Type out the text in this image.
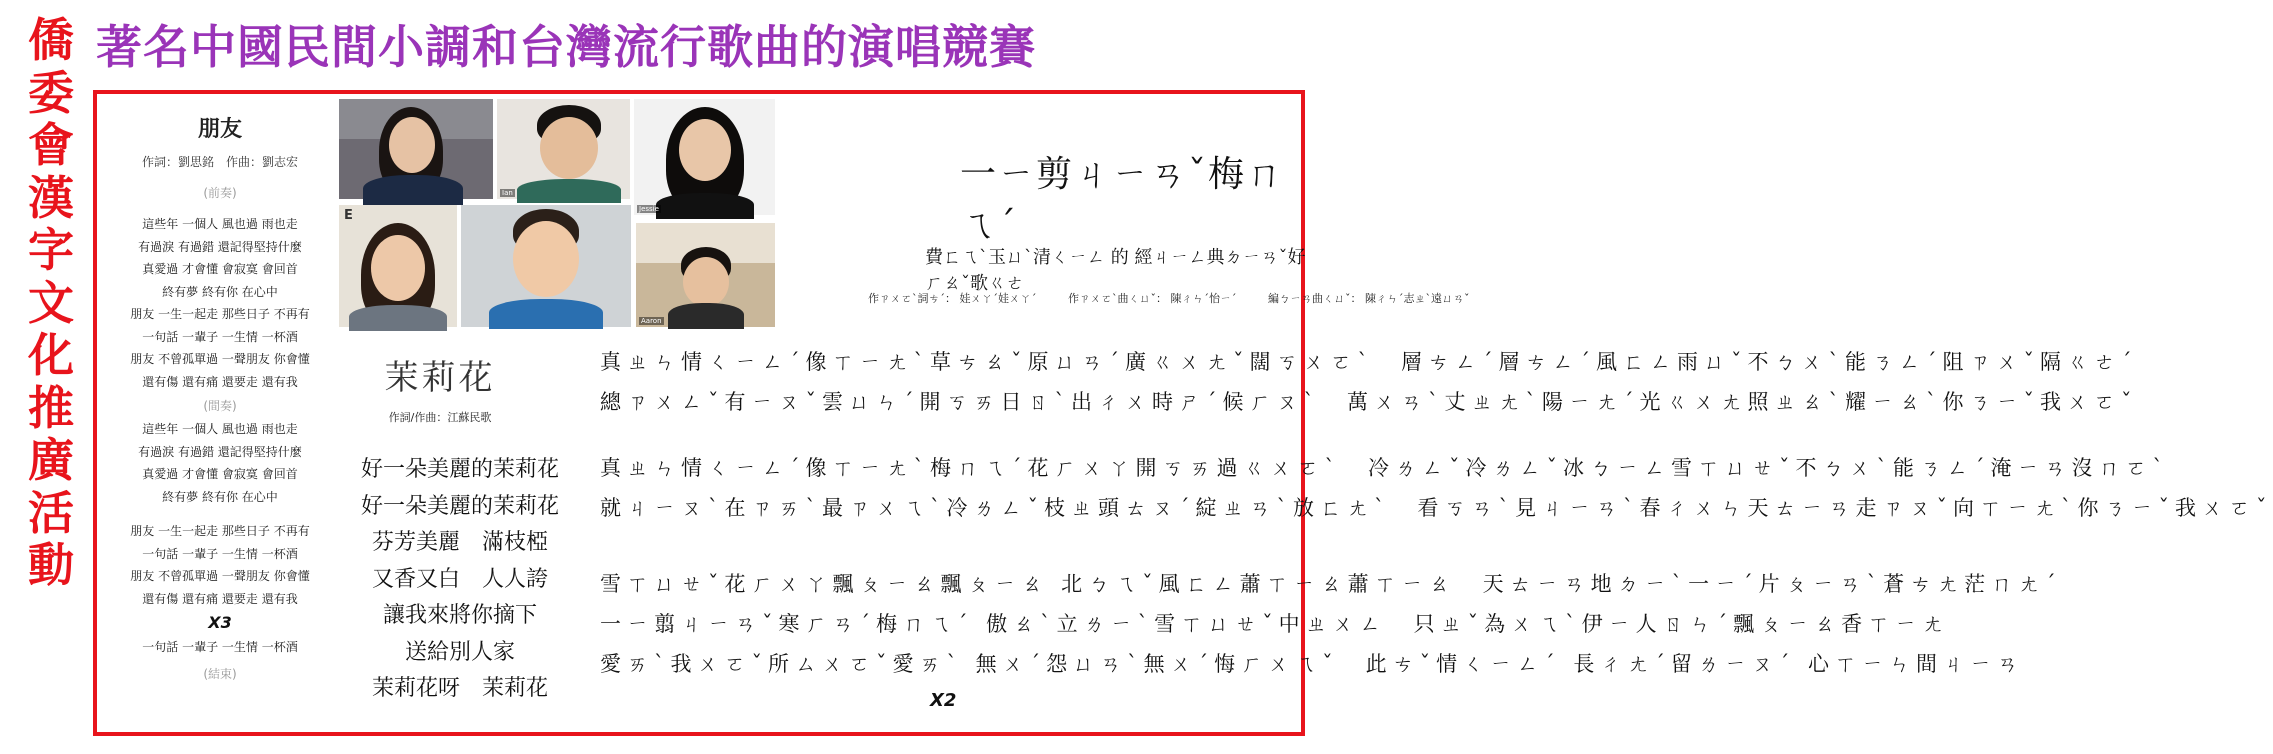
僑
委
會
漢
字
文
化
推
廣
活
動
著名中國民間小調和台灣流行歌曲的演唱競賽
朋友
作詞：劉思銘　作曲：劉志宏
(前奏)
這些年 一個人 風也過 雨也走
有過淚 有過錯 還記得堅持什麼
真愛過 才會懂 會寂寞 會回首
終有夢 終有你 在心中
朋友 一生一起走 那些日子 不再有
一句話 一輩子 一生情 一杯酒
朋友 不曾孤單過 一聲朋友 你會懂
還有傷 還有痛 還要走 還有我
(間奏)
這些年 一個人 風也過 雨也走
有過淚 有過錯 還記得堅持什麼
真愛過 才會懂 會寂寞 會回首
終有夢 終有你 在心中
朋友 一生一起走 那些日子 不再有
一句話 一輩子 一生情 一杯酒
朋友 不曾孤單過 一聲朋友 你會懂
還有傷 還有痛 還要走 還有我
X3
一句話 一輩子 一生情 一杯酒
(結束)
Ian
Jessie
E
Aaron
茉莉花
作詞/作曲：江蘇民歌
好一朵美麗的茉莉花
好一朵美麗的茉莉花
芬芳美麗　滿枝椏
又香又白　人人誇
讓我來將你摘下
送給別人家
茉莉花呀　茉莉花
一ㄧ剪ㄐㄧㄢˇ梅ㄇㄟˊ
費ㄈㄟˋ玉ㄩˋ清ㄑㄧㄥ 的 經ㄐㄧㄥ典ㄉㄧㄢˇ好ㄏㄠˇ歌ㄍㄜ
作ㄗㄨㄛˋ詞ㄘˊ： 娃ㄨㄚˊ娃ㄨㄚˊ	作ㄗㄨㄛˋ曲ㄑㄩˇ： 陳ㄔㄣˊ怡ㄧˊ	編ㄅㄧㄢ曲ㄑㄩˇ： 陳ㄔㄣˊ志ㄓˋ遠ㄩㄢˇ
真ㄓㄣ情ㄑㄧㄥˊ像ㄒㄧㄤˋ草ㄘㄠˇ原ㄩㄢˊ廣ㄍㄨㄤˇ闊ㄎㄨㄛˋ　層ㄘㄥˊ層ㄘㄥˊ風ㄈㄥ雨ㄩˇ不ㄅㄨˋ能ㄋㄥˊ阻ㄗㄨˇ隔ㄍㄜˊ
總ㄗㄨㄥˇ有ㄧㄡˇ雲ㄩㄣˊ開ㄎㄞ日ㄖˋ出ㄔㄨ時ㄕˊ候ㄏㄡˋ　萬ㄨㄢˋ丈ㄓㄤˋ陽ㄧㄤˊ光ㄍㄨㄤ照ㄓㄠˋ耀ㄧㄠˋ你ㄋㄧˇ我ㄨㄛˇ
真ㄓㄣ情ㄑㄧㄥˊ像ㄒㄧㄤˋ梅ㄇㄟˊ花ㄏㄨㄚ開ㄎㄞ過ㄍㄨㄛˋ　冷ㄌㄥˇ冷ㄌㄥˇ冰ㄅㄧㄥ雪ㄒㄩㄝˇ不ㄅㄨˋ能ㄋㄥˊ淹ㄧㄢ沒ㄇㄛˋ
就ㄐㄧㄡˋ在ㄗㄞˋ最ㄗㄨㄟˋ冷ㄌㄥˇ枝ㄓ頭ㄊㄡˊ綻ㄓㄢˋ放ㄈㄤˋ　看ㄎㄢˋ見ㄐㄧㄢˋ春ㄔㄨㄣ天ㄊㄧㄢ走ㄗㄡˇ向ㄒㄧㄤˋ你ㄋㄧˇ我ㄨㄛˇ
雪ㄒㄩㄝˇ花ㄏㄨㄚ飄ㄆㄧㄠ飄ㄆㄧㄠ 北ㄅㄟˇ風ㄈㄥ蕭ㄒㄧㄠ蕭ㄒㄧㄠ　天ㄊㄧㄢ地ㄉㄧˋ一ㄧˊ片ㄆㄧㄢˋ蒼ㄘㄤ茫ㄇㄤˊ
一ㄧ翦ㄐㄧㄢˇ寒ㄏㄢˊ梅ㄇㄟˊ 傲ㄠˋ立ㄌㄧˋ雪ㄒㄩㄝˇ中ㄓㄨㄥ　只ㄓˇ為ㄨㄟˋ伊ㄧ人ㄖㄣˊ飄ㄆㄧㄠ香ㄒㄧㄤ
愛ㄞˋ我ㄨㄛˇ所ㄙㄨㄛˇ愛ㄞˋ 無ㄨˊ怨ㄩㄢˋ無ㄨˊ悔ㄏㄨㄟˇ　此ㄘˇ情ㄑㄧㄥˊ 長ㄔㄤˊ留ㄌㄧㄡˊ 心ㄒㄧㄣ間ㄐㄧㄢ
X2
